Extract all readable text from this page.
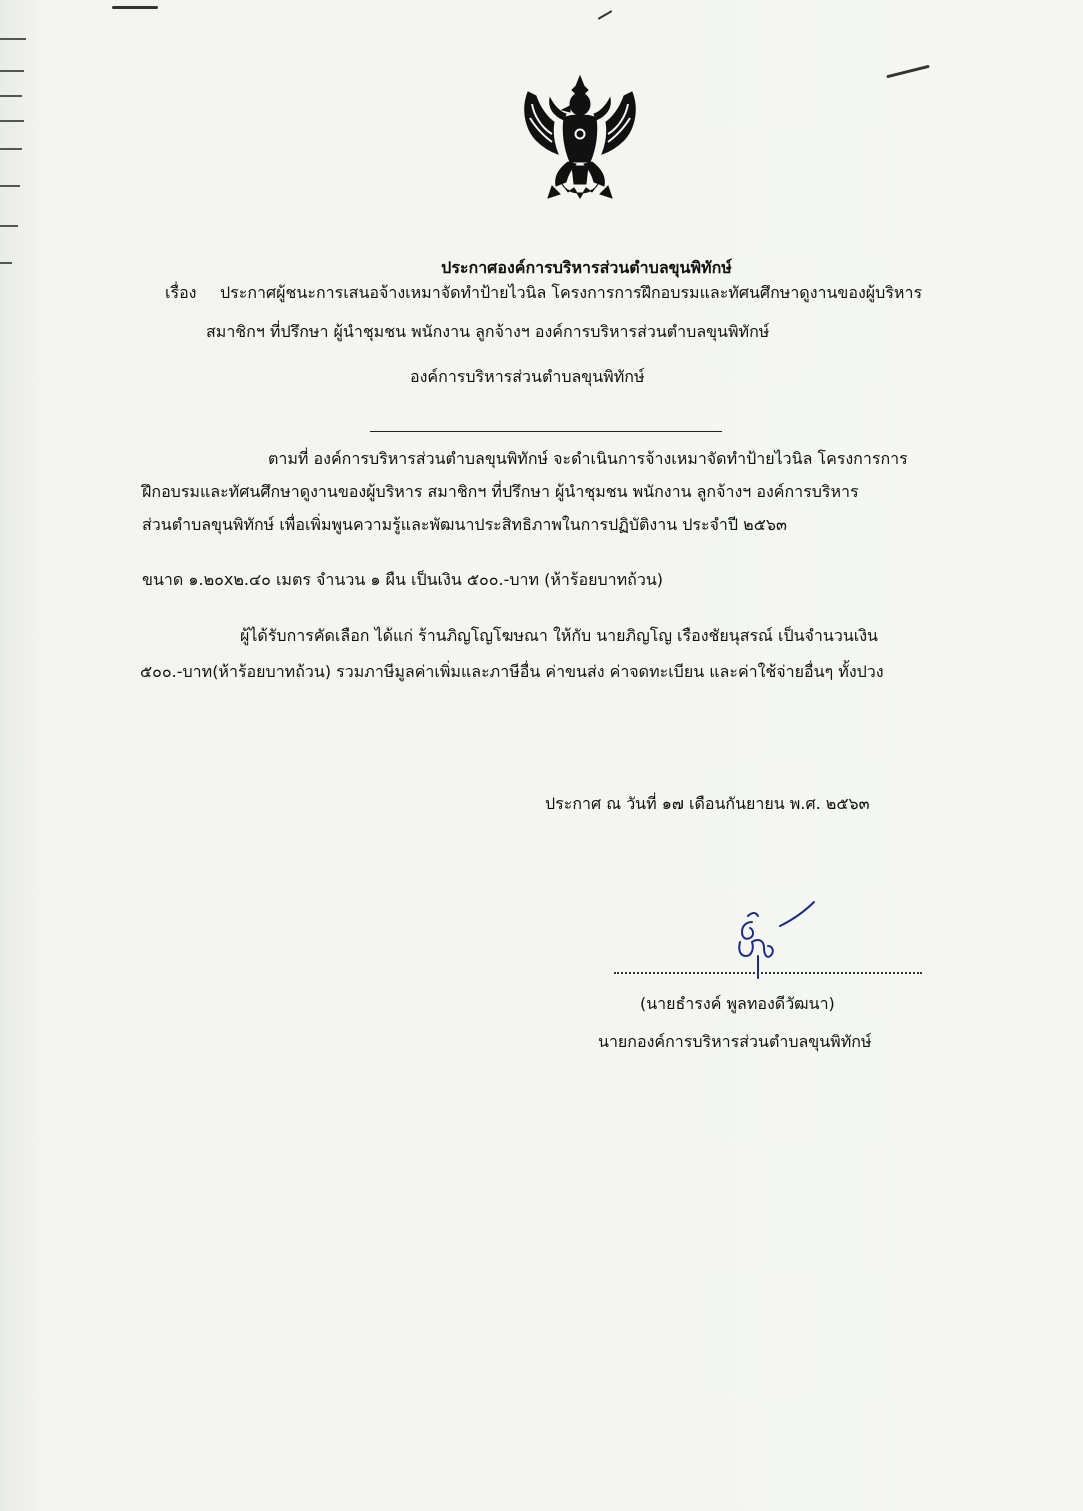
ประกาศองค์การบริหารส่วนตำบลขุนพิทักษ์
เรื่อง ประกาศผู้ชนะการเสนอจ้างเหมาจัดทำป้ายไวนิล โครงการการฝึกอบรมและทัศนศึกษาดูงานของผู้บริหาร
สมาชิกฯ ที่ปรึกษา ผู้นำชุมชน พนักงาน ลูกจ้างฯ องค์การบริหารส่วนตำบลขุนพิทักษ์
องค์การบริหารส่วนตำบลขุนพิทักษ์
ตามที่ องค์การบริหารส่วนตำบลขุนพิทักษ์ จะดำเนินการจ้างเหมาจัดทำป้ายไวนิล โครงการการ
ฝึกอบรมและทัศนศึกษาดูงานของผู้บริหาร สมาชิกฯ ที่ปรึกษา ผู้นำชุมชน พนักงาน ลูกจ้างฯ องค์การบริหาร
ส่วนตำบลขุนพิทักษ์ เพื่อเพิ่มพูนความรู้และพัฒนาประสิทธิภาพในการปฏิบัติงาน ประจำปี ๒๕๖๓
ขนาด ๑.๒๐x๒.๔๐ เมตร จำนวน ๑ ผืน เป็นเงิน ๕๐๐.-บาท (ห้าร้อยบาทถ้วน)
ผู้ได้รับการคัดเลือก ได้แก่ ร้านภิญโญโฆษณา ให้กับ นายภิญโญ เรืองชัยนุสรณ์ เป็นจำนวนเงิน
๕๐๐.-บาท(ห้าร้อยบาทถ้วน) รวมภาษีมูลค่าเพิ่มและภาษีอื่น ค่าขนส่ง ค่าจดทะเบียน และค่าใช้จ่ายอื่นๆ ทั้งปวง
ประกาศ ณ วันที่ ๑๗ เดือนกันยายน พ.ศ. ๒๕๖๓
(นายธำรงค์ พูลทองดีวัฒนา)
นายกองค์การบริหารส่วนตำบลขุนพิทักษ์
